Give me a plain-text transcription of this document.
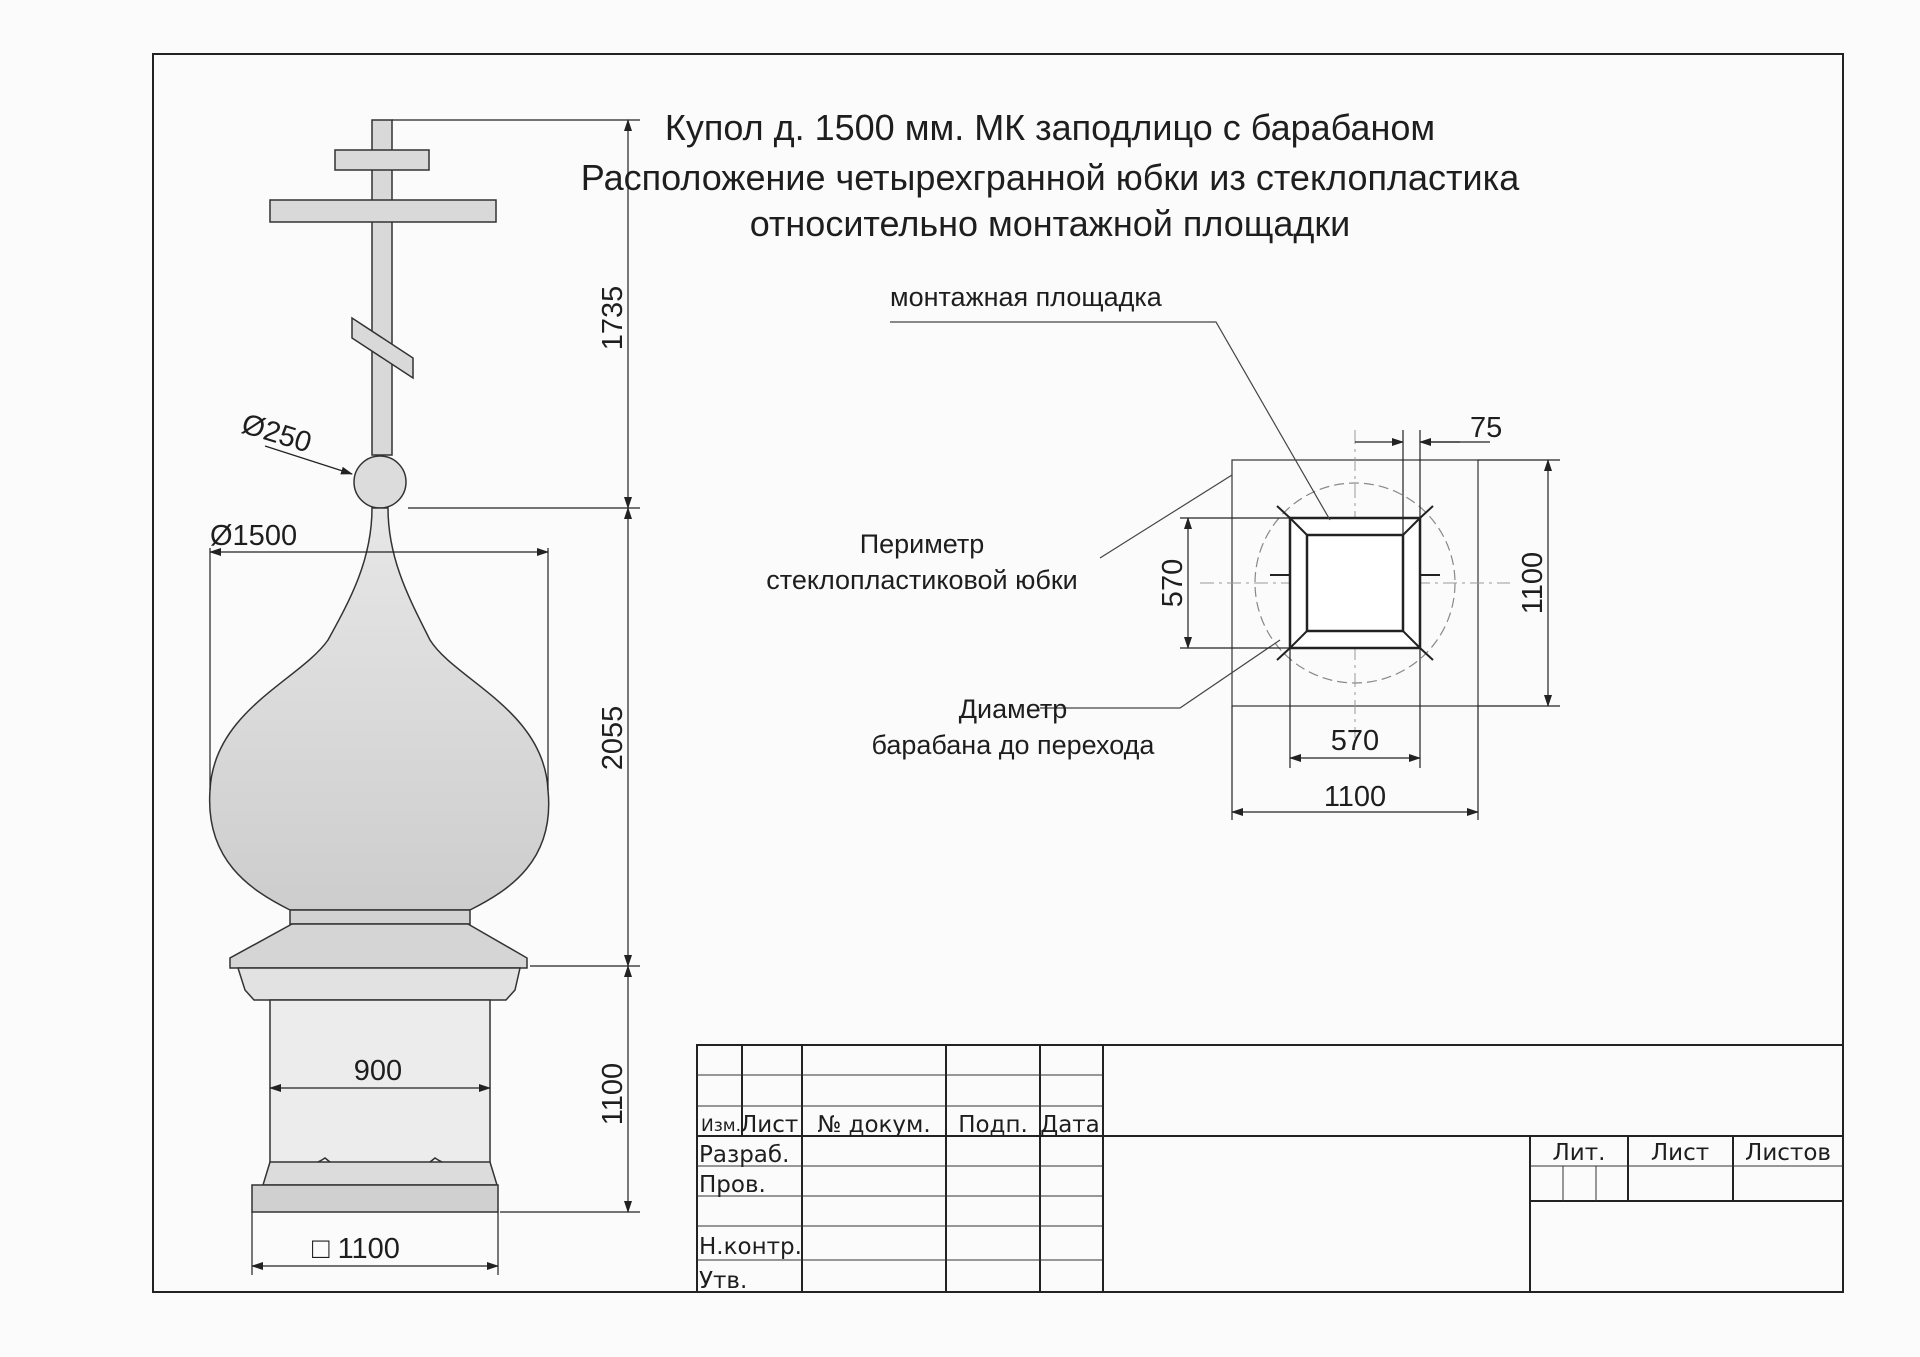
Купол д. 1500 мм. МК заподлицо с барабаном
Расположение четырехгранной юбки из стеклопластика
относительно монтажной площадки
1735
2055
1100
Ø250
Ø1500
900
□ 1100
монтажная площадка
Периметр
стеклопластиковой юбки
Диаметр
барабана до перехода
75
570	1100
570
1100
Изм. Лист № докум. Подп. Дата
Разраб.
Пров.
Н.контр.
Утв.
Лит. Лист Листов
